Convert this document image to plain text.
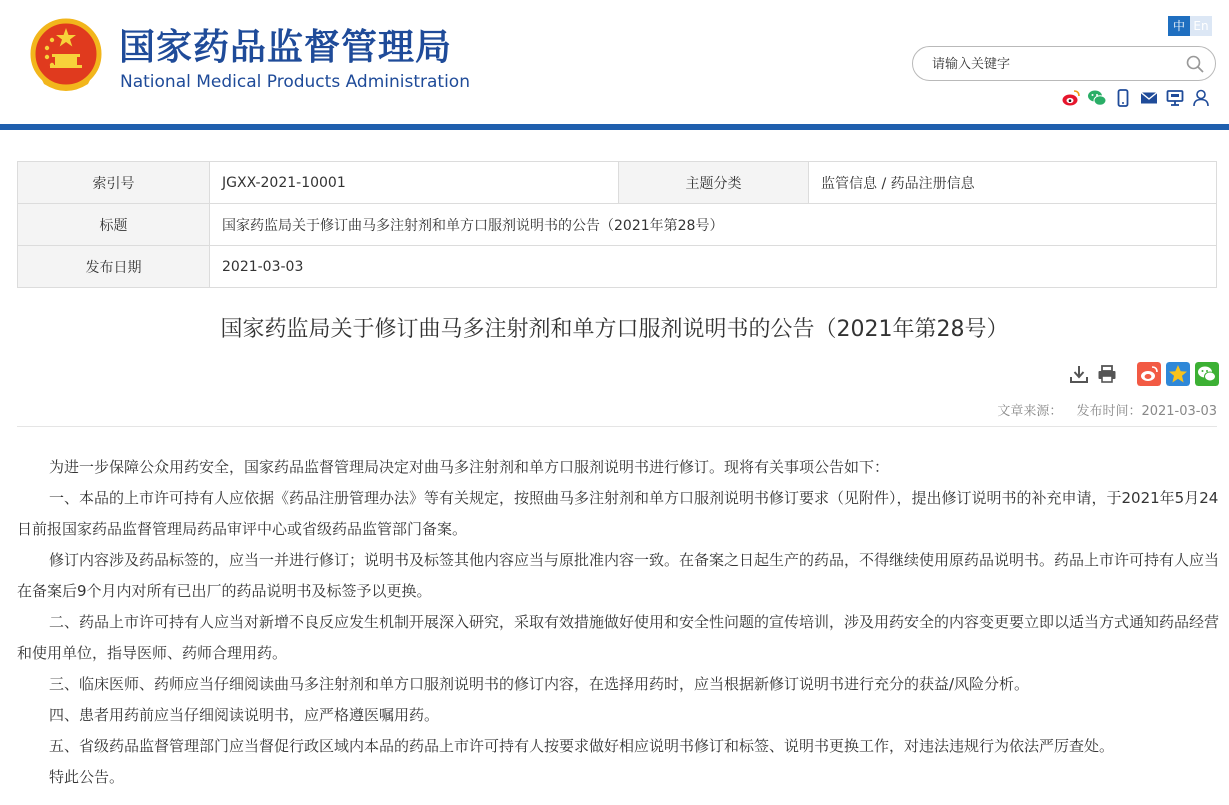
国家药品监督管理局
National Medical Products Administration
中 En
请输入关键字
索引号	JGXX-2021-10001	主题分类	监管信息 / 药品注册信息
标题	国家药监局关于修订曲马多注射剂和单方口服剂说明书的公告（2021年第28号）		
发布日期	2021-03-03		
国家药监局关于修订曲马多注射剂和单方口服剂说明书的公告（2021年第28号）
文章来源： 发布时间：2021-03-03

为进一步保障公众用药安全，国家药品监督管理局决定对曲马多注射剂和单方口服剂说明书进行修订。现将有关事项公告如下：

一、本品的上市许可持有人应依据《药品注册管理办法》等有关规定，按照曲马多注射剂和单方口服剂说明书修订要求（见附件），提出修订说明书的补充申请，于2021年5月24日前报国家药品监督管理局药品审评中心或省级药品监管部门备案。

修订内容涉及药品标签的，应当一并进行修订；说明书及标签其他内容应当与原批准内容一致。在备案之日起生产的药品，不得继续使用原药品说明书。药品上市许可持有人应当在备案后9个月内对所有已出厂的药品说明书及标签予以更换。

二、药品上市许可持有人应当对新增不良反应发生机制开展深入研究，采取有效措施做好使用和安全性问题的宣传培训，涉及用药安全的内容变更要立即以适当方式通知药品经营和使用单位，指导医师、药师合理用药。

三、临床医师、药师应当仔细阅读曲马多注射剂和单方口服剂说明书的修订内容，在选择用药时，应当根据新修订说明书进行充分的获益/风险分析。

四、患者用药前应当仔细阅读说明书，应严格遵医嘱用药。

五、省级药品监督管理部门应当督促行政区域内本品的药品上市许可持有人按要求做好相应说明书修订和标签、说明书更换工作，对违法违规行为依法严厉查处。

特此公告。
